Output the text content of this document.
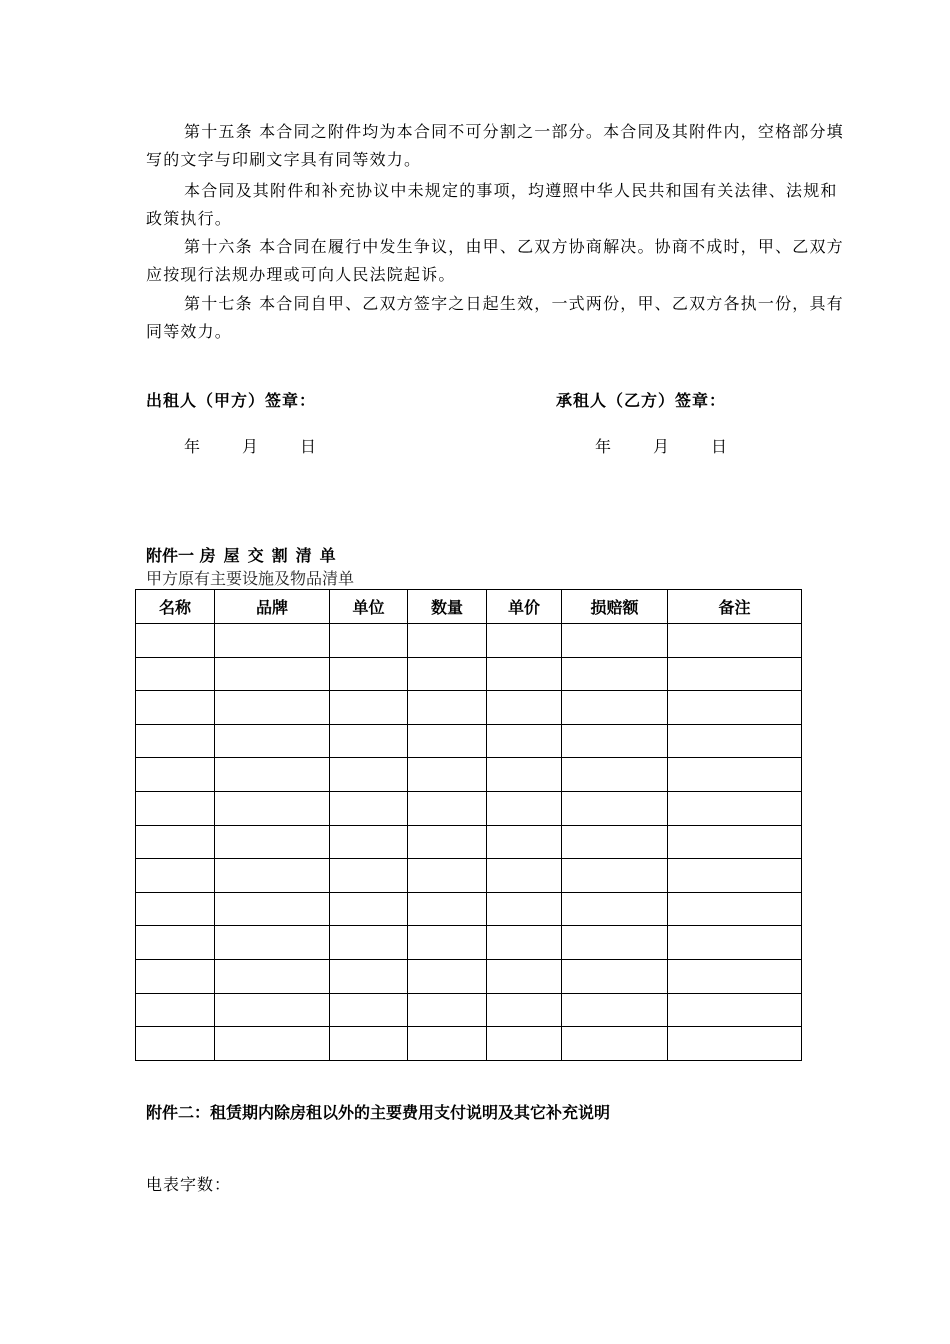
第十五条 本合同之附件均为本合同不可分割之一部分。本合同及其附件内，空格部分填写的文字与印刷文字具有同等效力。
本合同及其附件和补充协议中未规定的事项，均遵照中华人民共和国有关法律、法规和政策执行。
第十六条 本合同在履行中发生争议，由甲、乙双方协商解决。协商不成时，甲、乙双方应按现行法规办理或可向人民法院起诉。
第十七条 本合同自甲、乙双方签字之日起生效，一式两份，甲、乙双方各执一份，具有同等效力。
出租人（甲方）签章：	承租人（乙方）签章：
年	月	日	年	月	日
附件一 房屋交割清单
甲方原有主要设施及物品清单
名称	品牌	单位	数量	单价	损赔额	备注

附件二：租赁期内除房租以外的主要费用支付说明及其它补充说明
电表字数：
